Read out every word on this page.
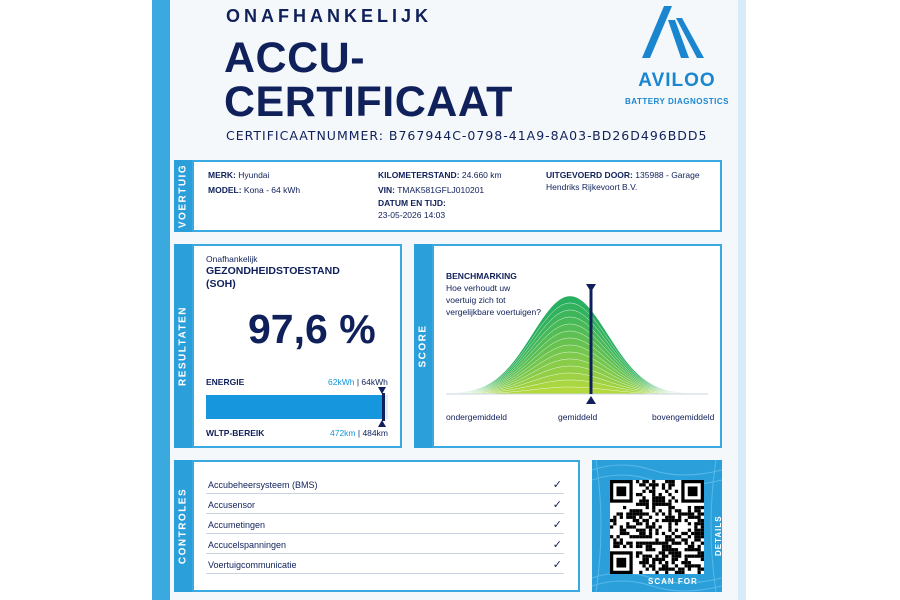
ONAFHANKELIJK
ACCU-
CERTIFICAAT
CERTIFICAATNUMMER: B767944C-0798-41A9-8A03-BD26D496BDD5
AVILOO
BATTERY DIAGNOSTICS
VOERTUIG MERK: Hyundai
MODEL: Kona - 64 kWh
KILOMETERSTAND: 24.660 km
VIN: TMAK581GFLJ010201
DATUM EN TIJD:
23-05-2026 14:03
UITGEVOERD DOOR: 135988 - Garage
Hendriks Rijkevoort B.V.
RESULTATEN
Onafhankelijk
GEZONDHEIDSTOESTAND
(SOH)
97,6 %
ENERGIE	62kWh | 64kWh
WLTP-BEREIK	472km | 484km
SCORE
BENCHMARKING
Hoe verhoudt uw
voertuig zich tot
vergelijkbare voertuigen?
ondergemiddeld	gemiddeld	bovengemiddeld
CONTROLES
Accubeheersysteem (BMS)	✓
Accusensor	✓
Accumetingen	✓
Accucelspanningen	✓
Voertuigcommunicatie	✓
SCAN FOR
DETAILS
